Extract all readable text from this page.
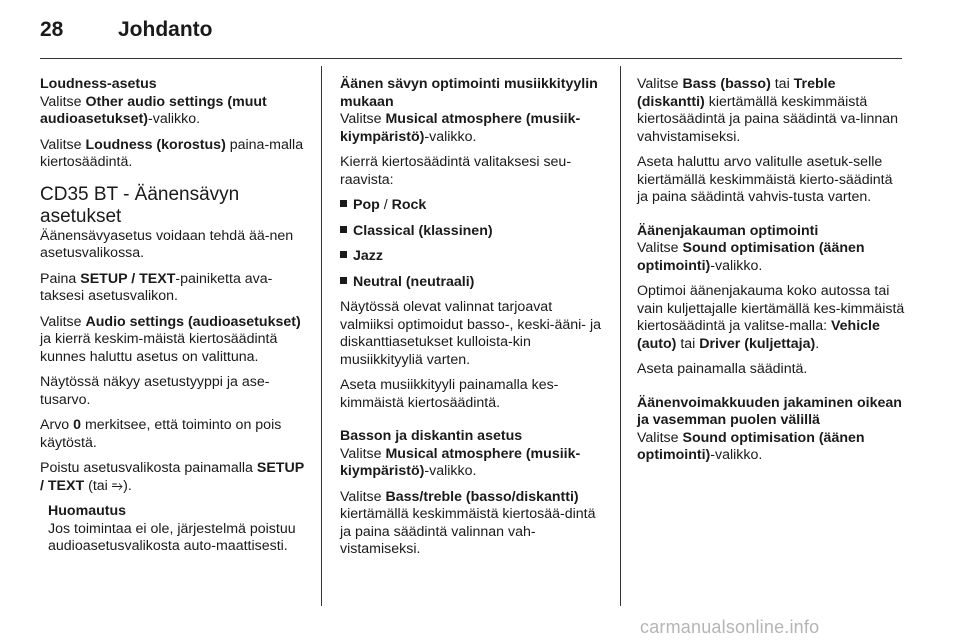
28	Johdanto

Loudness-asetus

Valitse Other audio settings (muut audioasetukset)-valikko.

Valitse Loudness (korostus) paina-malla kiertosäädintä.

CD35 BT - Äänensävyn asetukset

Äänensävyasetus voidaan tehdä ää-nen asetusvalikossa.

Paina SETUP / TEXT-painiketta ava-taksesi asetusvalikon.

Valitse Audio settings (audioasetukset) ja kierrä keskim-mäistä kiertosäädintä kunnes haluttu asetus on valittuna.

Näytössä näkyy asetustyyppi ja ase-tusarvo.

Arvo 0 merkitsee, että toiminto on pois käytöstä.

Poistu asetusvalikosta painamalla SETUP / TEXT (tai ⥱).

Huomautus

Jos toimintaa ei ole, järjestelmä poistuu audioasetusvalikosta auto-maattisesti.

Äänen sävyn optimointi musiikkityylin mukaan

Valitse Musical atmosphere (musiik-kiympäristö)-valikko.

Kierrä kiertosäädintä valitaksesi seu-raavista:

Pop / Rock

Classical (klassinen)

Jazz

Neutral (neutraali)

Näytössä olevat valinnat tarjoavat valmiiksi optimoidut basso-, keski-ääni- ja diskanttiasetukset kulloista-kin musiikkityyliä varten.

Aseta musiikkityyli painamalla kes-kimmäistä kiertosäädintä.

Basson ja diskantin asetus

Valitse Musical atmosphere (musiik-kiympäristö)-valikko.

Valitse Bass/treble (basso/diskantti) kiertämällä keskimmäistä kiertosää-dintä ja paina säädintä valinnan vah-vistamiseksi.

Valitse Bass (basso) tai Treble (diskantti) kiertämällä keskimmäistä kiertosäädintä ja paina säädintä va-linnan vahvistamiseksi.

Aseta haluttu arvo valitulle asetuk-selle kiertämällä keskimmäistä kierto-säädintä ja paina säädintä vahvis-tusta varten.

Äänenjakauman optimointi

Valitse Sound optimisation (äänen optimointi)-valikko.

Optimoi äänenjakauma koko autossa tai vain kuljettajalle kiertämällä kes-kimmäistä kiertosäädintä ja valitse-malla: Vehicle (auto) tai Driver (kuljettaja).

Aseta painamalla säädintä.

Äänenvoimakkuuden jakaminen oikean ja vasemman puolen välillä

Valitse Sound optimisation (äänen optimointi)-valikko.

carmanualsonline.info
